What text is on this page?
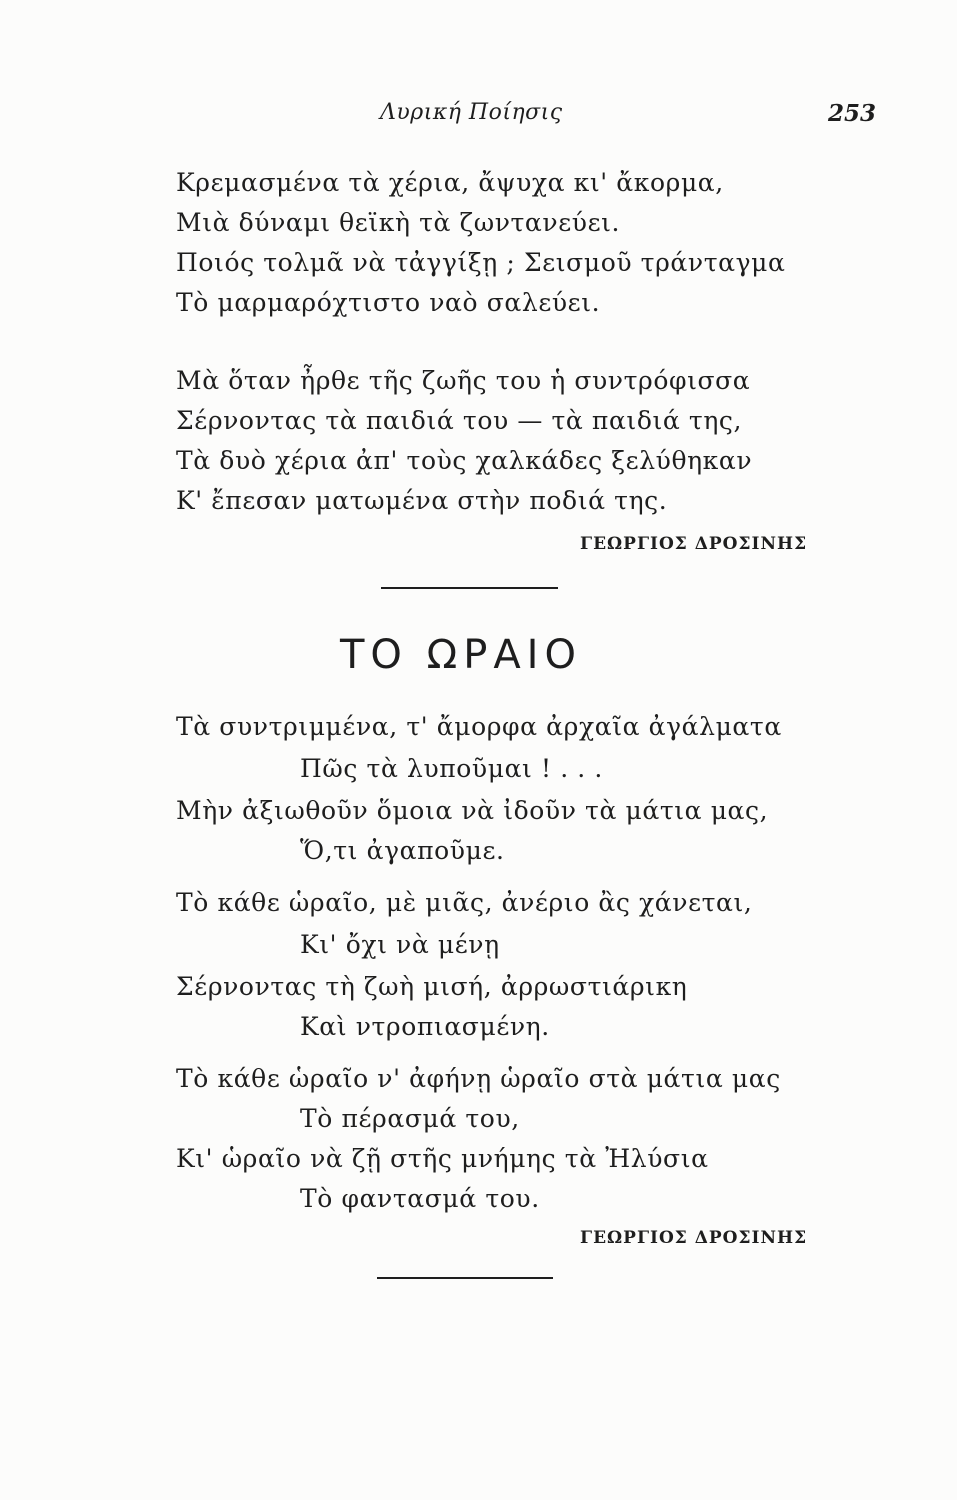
Λυρική Ποίησις	253
Κρεμασμένα τὰ χέρια, ἄψυχα κι' ἄκορμα,
Μιὰ δύναμι θεϊκὴ τὰ ζωντανεύει.
Ποιός τολμᾶ νὰ τἀγγίξῃ ; Σεισμοῦ τράνταγμα
Τὸ μαρμαρόχτιστο ναὸ σαλεύει.
Μὰ ὅταν ἦρθε τῆς ζωῆς του ἡ συντρόφισσα
Σέρνοντας τὰ παιδιά του — τὰ παιδιά της,
Τὰ δυὸ χέρια ἀπ' τοὺς χαλκάδες ξελύθηκαν
Κ' ἔπεσαν ματωμένα στὴν ποδιά της.
ΓΕΩΡΓΙΟΣ ΔΡΟΣΙΝΗΣ
ΤΟ ΩΡΑΙΟ
Τὰ συντριμμένα, τ' ἄμορφα ἀρχαῖα ἀγάλματα
Πῶς τὰ λυποῦμαι ! . . .
Μὴν ἀξιωθοῦν ὅμοια νὰ ἰδοῦν τὰ μάτια μας,
Ὅ,τι ἀγαποῦμε.
Τὸ κάθε ὡραῖο, μὲ μιᾶς, ἀνέριο ἂς χάνεται,
Κι' ὄχι νὰ μένῃ
Σέρνοντας τὴ ζωὴ μισή, ἀρρωστιάρικη
Καὶ ντροπιασμένη.
Τὸ κάθε ὡραῖο ν' ἀφήνῃ ὡραῖο στὰ μάτια μας
Τὸ πέρασμά του,
Κι' ὡραῖο νὰ ζῇ στῆς μνήμης τὰ Ἠλύσια
Τὸ φαντασμά του.
ΓΕΩΡΓΙΟΣ ΔΡΟΣΙΝΗΣ
